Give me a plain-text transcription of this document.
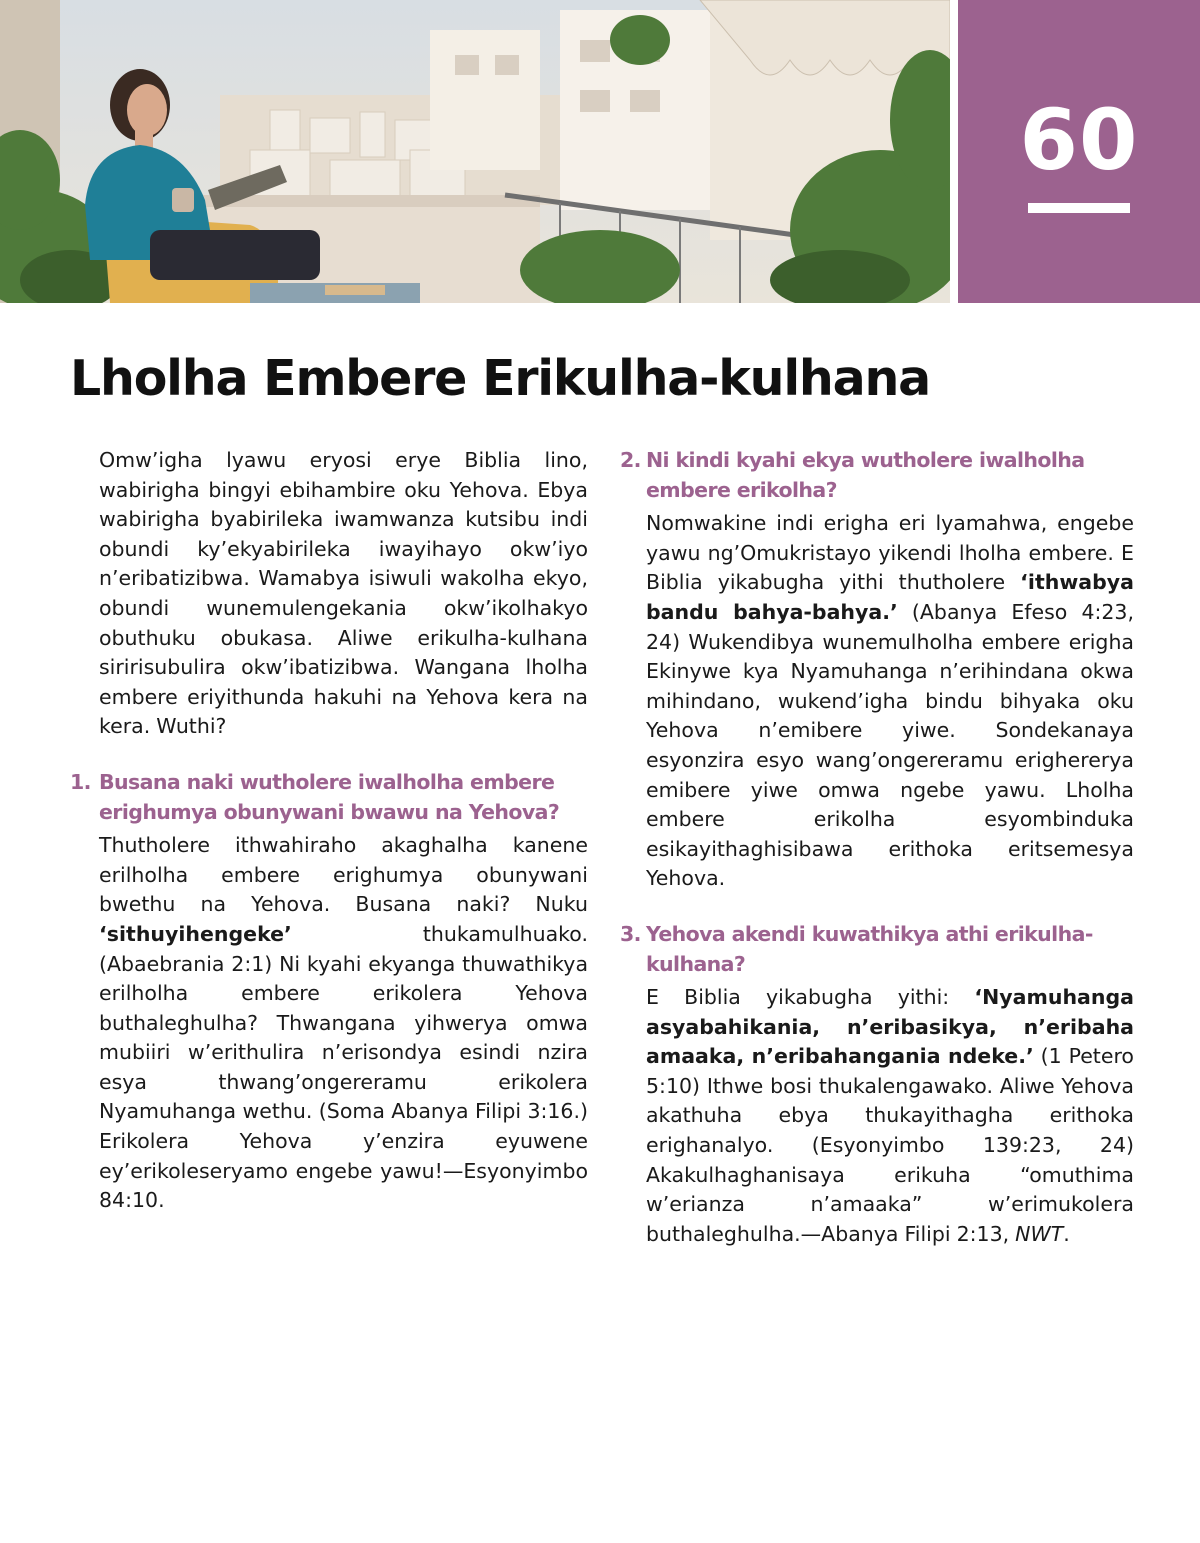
60
Lholha Embere Erikulha-kulhana

Omw’igha lyawu eryosi erye Biblia lino, wabirigha bingyi ebihambire oku Yehova. Ebya wabirigha byabirileka iwamwanza kutsibu indi obundi ky’ekyabirileka iwayihayo okw’iyo n’eribatizibwa. Wamabya isiwuli wakolha ekyo, obundi wunemulengekania okw’ikolhakyo obuthuku obukasa. Aliwe erikulha-kulhana siririsubulira okw’ibatizibwa. Wangana lholha embere eriyithunda hakuhi na Yehova kera na kera. Wuthi?

1. Busana naki wutholere iwalholha embere erighumya obunywani bwawu na Yehova?

Thutholere ithwahiraho akaghalha kanene erilholha embere erighumya obunywani bwethu na Yehova. Busana naki? Nuku ‘sithuyihengeke’ thukamulhuako. (Abaebrania 2:1) Ni kyahi ekyanga thuwathikya erilholha embere erikolera Yehova buthaleghulha? Thwangana yihwerya omwa mubiiri w’erithulira n’erisondya esindi nzira esya thwang’ongereramu erikolera Nyamuhanga wethu. (Soma Abanya Filipi 3:16.) Erikolera Yehova y’enzira eyuwene ey’erikoleseryamo engebe yawu!—Esyonyimbo 84:10.

2. Ni kindi kyahi ekya wutholere iwalholha embere erikolha?

Nomwakine indi erigha eri lyamahwa, engebe yawu ng’Omukristayo yikendi lholha embere. E Biblia yikabugha yithi thutholere ‘ithwabya bandu bahya-bahya.’ (Abanya Efeso 4:23, 24) Wukendibya wunemulholha embere erigha Ekinywe kya Nyamuhanga n’erihindana okwa mihindano, wukend’igha bindu bihyaka oku Yehova n’emibere yiwe. Sondekanaya esyonzira esyo wang’ongereramu erighererya emibere yiwe omwa ngebe yawu. Lholha embere erikolha esyombinduka esikayithaghisibawa erithoka eritsemesya Yehova.

3. Yehova akendi kuwathikya athi erikulha-kulhana?

E Biblia yikabugha yithi: ‘Nyamuhanga asyabahikania, n’eribasikya, n’eribaha amaaka, n’eribahangania ndeke.’ (1 Petero 5:10) Ithwe bosi thukalengawako. Aliwe Yehova akathuha ebya thukayithagha erithoka erighanalyo. (Esyonyimbo 139:23, 24) Akakulhaghanisaya erikuha “omuthima w’erianza n’amaaka” w’erimukolera buthaleghulha.—Abanya Filipi 2:13, NWT.
